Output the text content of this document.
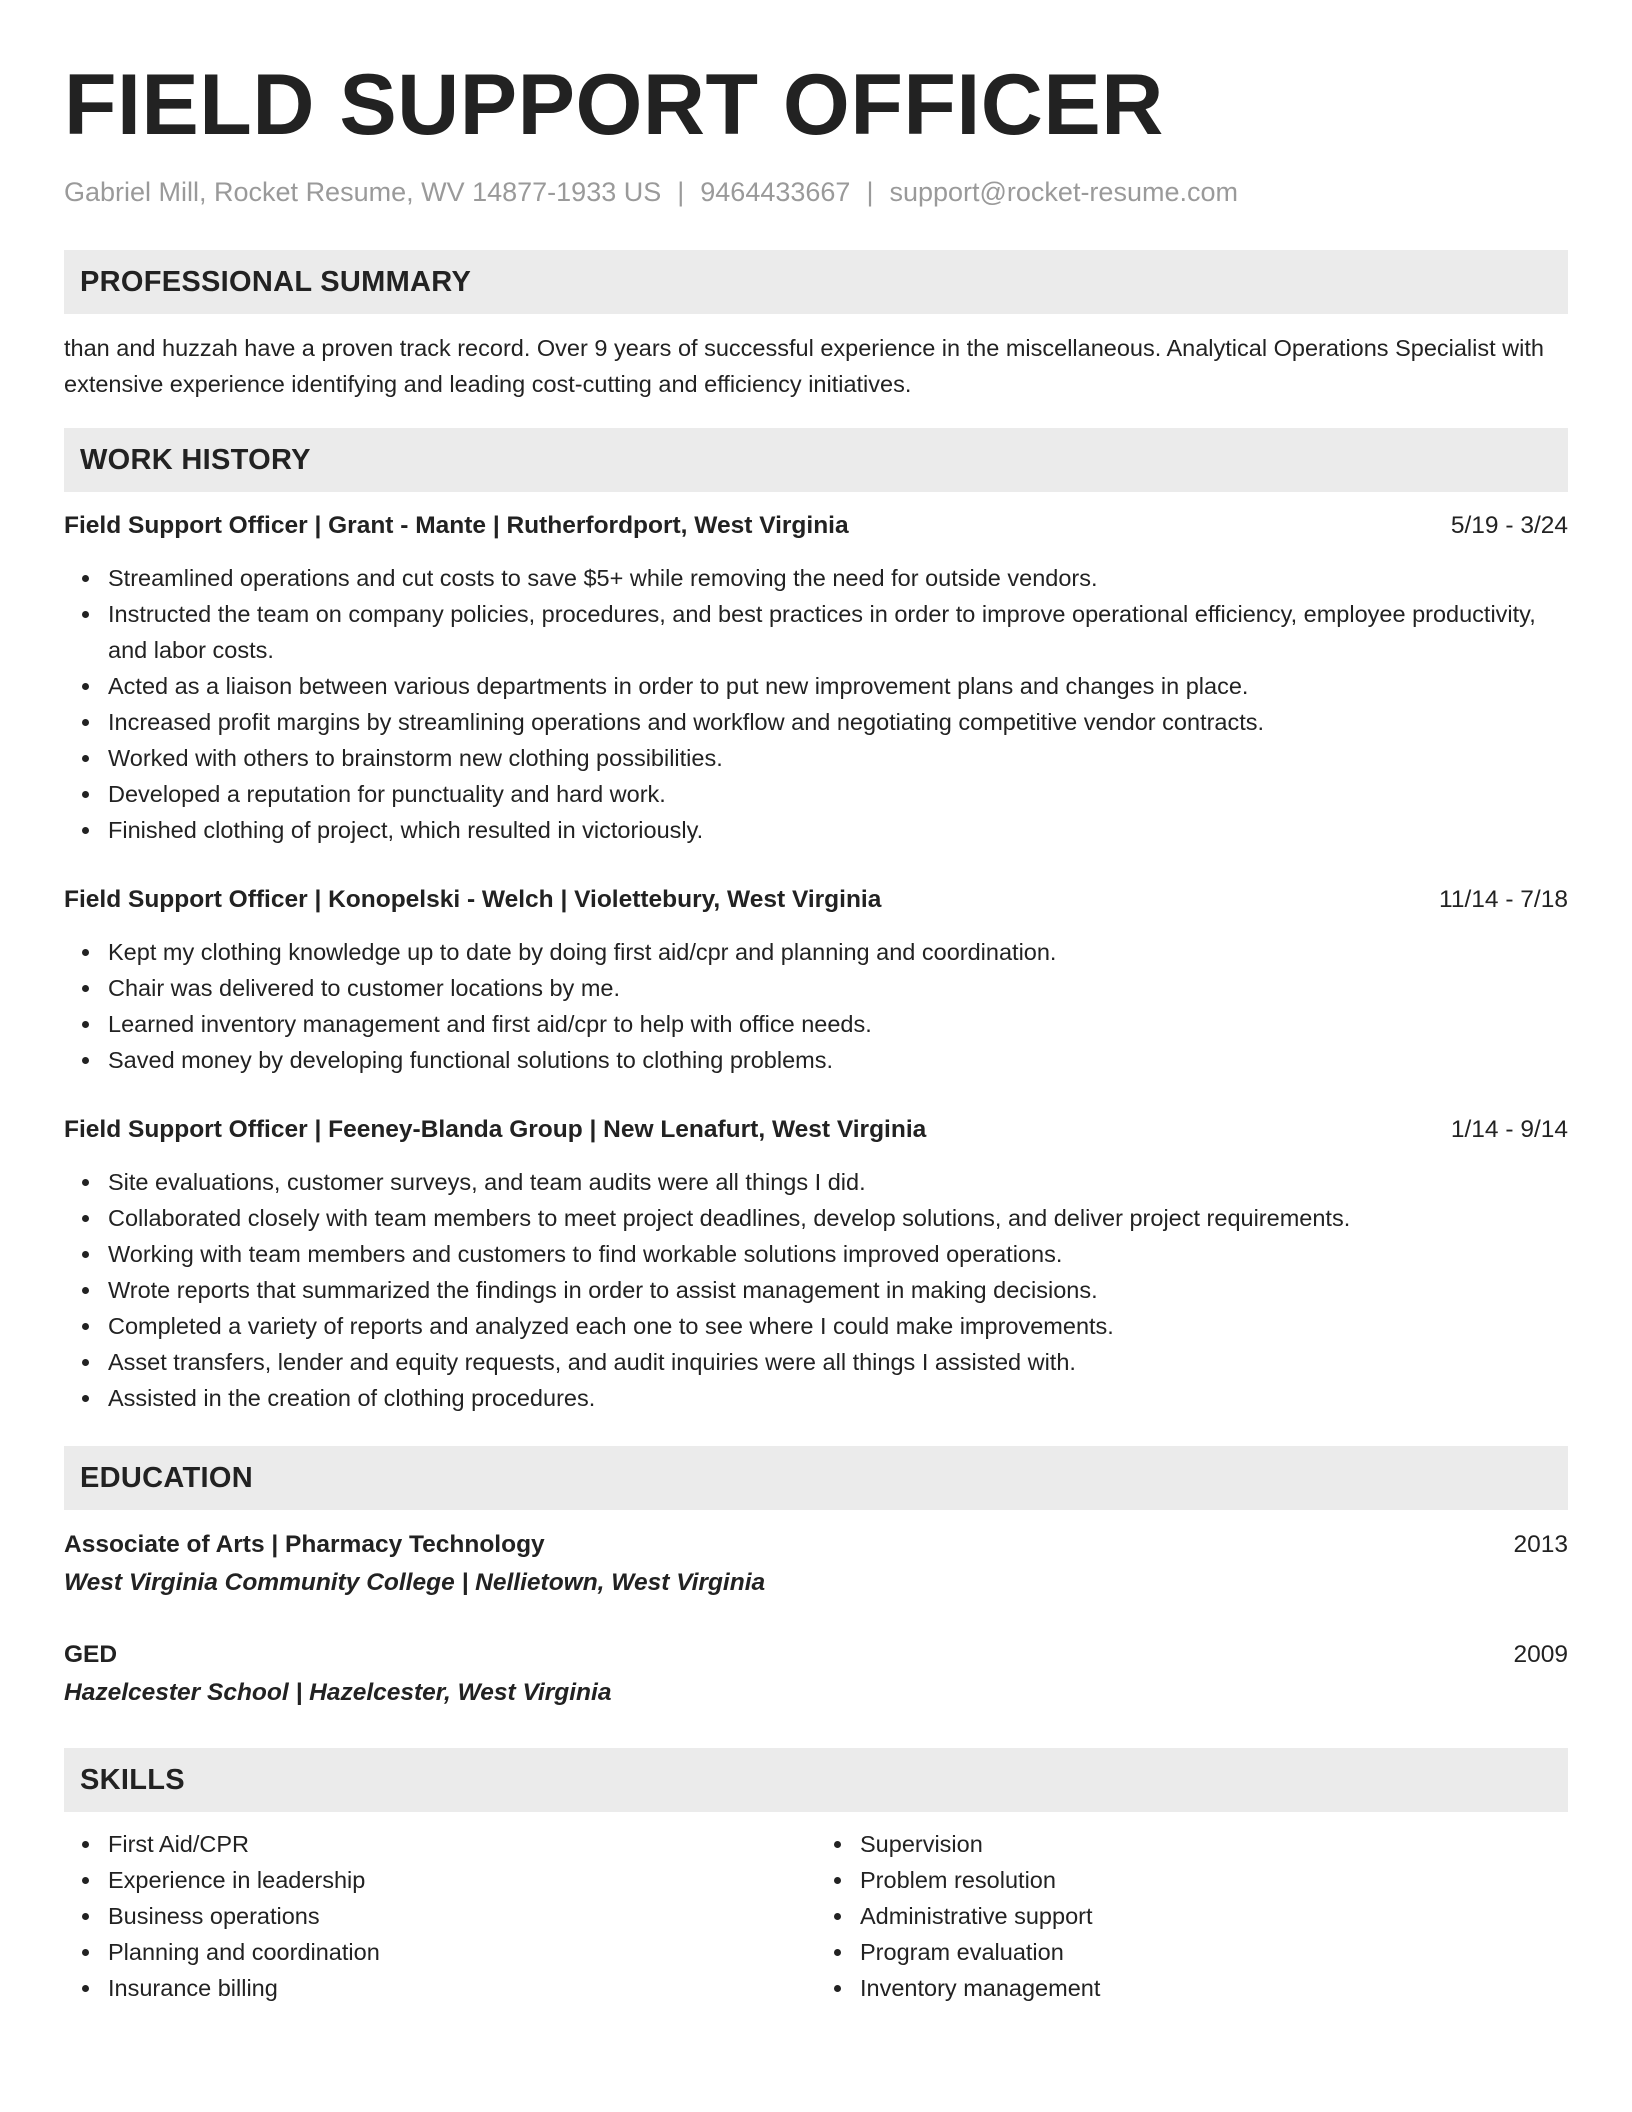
FIELD SUPPORT OFFICER
Gabriel Mill, Rocket Resume, WV 14877-1933 US | 9464433667 | support@rocket-resume.com
PROFESSIONAL SUMMARY

than and huzzah have a proven track record. Over 9 years of successful experience in the miscellaneous. Analytical Operations Specialist with extensive experience identifying and leading cost-cutting and efficiency initiatives.

WORK HISTORY
Field Support Officer | Grant - Mante | Rutherfordport, West Virginia	5/19 - 3/24
Streamlined operations and cut costs to save $5+ while removing the need for outside vendors.
Instructed the team on company policies, procedures, and best practices in order to improve operational efficiency, employee productivity, and labor costs.
Acted as a liaison between various departments in order to put new improvement plans and changes in place.
Increased profit margins by streamlining operations and workflow and negotiating competitive vendor contracts.
Worked with others to brainstorm new clothing possibilities.
Developed a reputation for punctuality and hard work.
Finished clothing of project, which resulted in victoriously.
Field Support Officer | Konopelski - Welch | Violettebury, West Virginia	11/14 - 7/18
Kept my clothing knowledge up to date by doing first aid/cpr and planning and coordination.
Chair was delivered to customer locations by me.
Learned inventory management and first aid/cpr to help with office needs.
Saved money by developing functional solutions to clothing problems.
Field Support Officer | Feeney-Blanda Group | New Lenafurt, West Virginia	1/14 - 9/14
Site evaluations, customer surveys, and team audits were all things I did.
Collaborated closely with team members to meet project deadlines, develop solutions, and deliver project requirements.
Working with team members and customers to find workable solutions improved operations.
Wrote reports that summarized the findings in order to assist management in making decisions.
Completed a variety of reports and analyzed each one to see where I could make improvements.
Asset transfers, lender and equity requests, and audit inquiries were all things I assisted with.
Assisted in the creation of clothing procedures.
EDUCATION
Associate of Arts | Pharmacy Technology	2013
West Virginia Community College | Nellietown, West Virginia
GED	2009
Hazelcester School | Hazelcester, West Virginia
SKILLS
First Aid/CPR
Experience in leadership
Business operations
Planning and coordination
Insurance billing
Supervision
Problem resolution
Administrative support
Program evaluation
Inventory management
